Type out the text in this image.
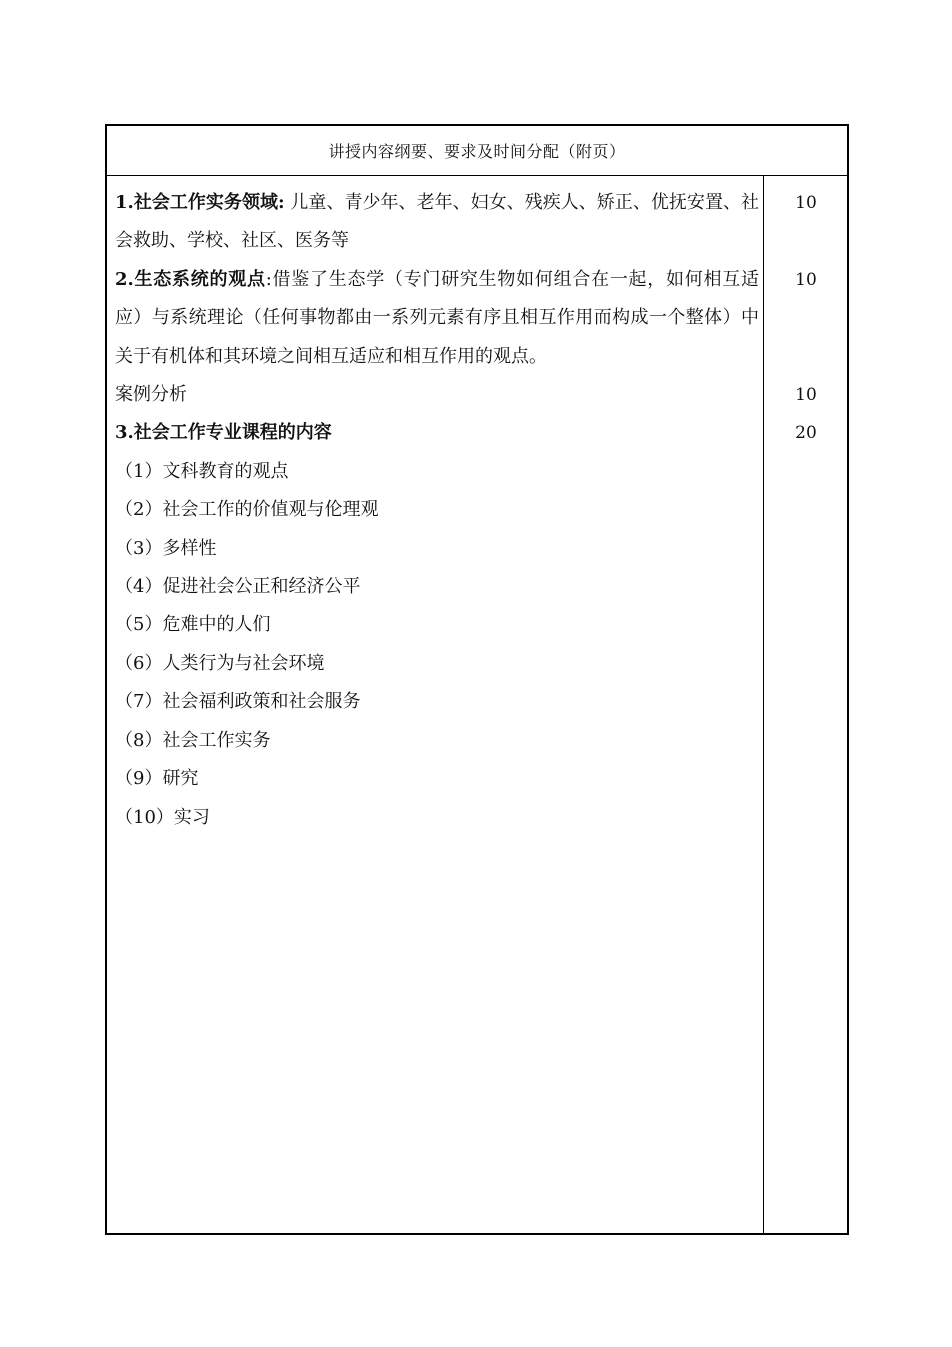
讲授内容纲要、要求及时间分配（附页）

1.社会工作实务领域: 儿童、青少年、老年、妇女、残疾人、矫正、优抚安置、社会救助、学校、社区、医务等

2.生态系统的观点:借鉴了生态学（专门研究生物如何组合在一起，如何相互适应）与系统理论（任何事物都由一系列元素有序且相互作用而构成一个整体）中关于有机体和其环境之间相互适应和相互作用的观点。

案例分析

3.社会工作专业课程的内容

（1）文科教育的观点
（2）社会工作的价值观与伦理观
（3）多样性
（4）促进社会公正和经济公平
（5）危难中的人们
（6）人类行为与社会环境
（7）社会福利政策和社会服务
（8）社会工作实务
（9）研究
（10）实习
10
10
10
20
